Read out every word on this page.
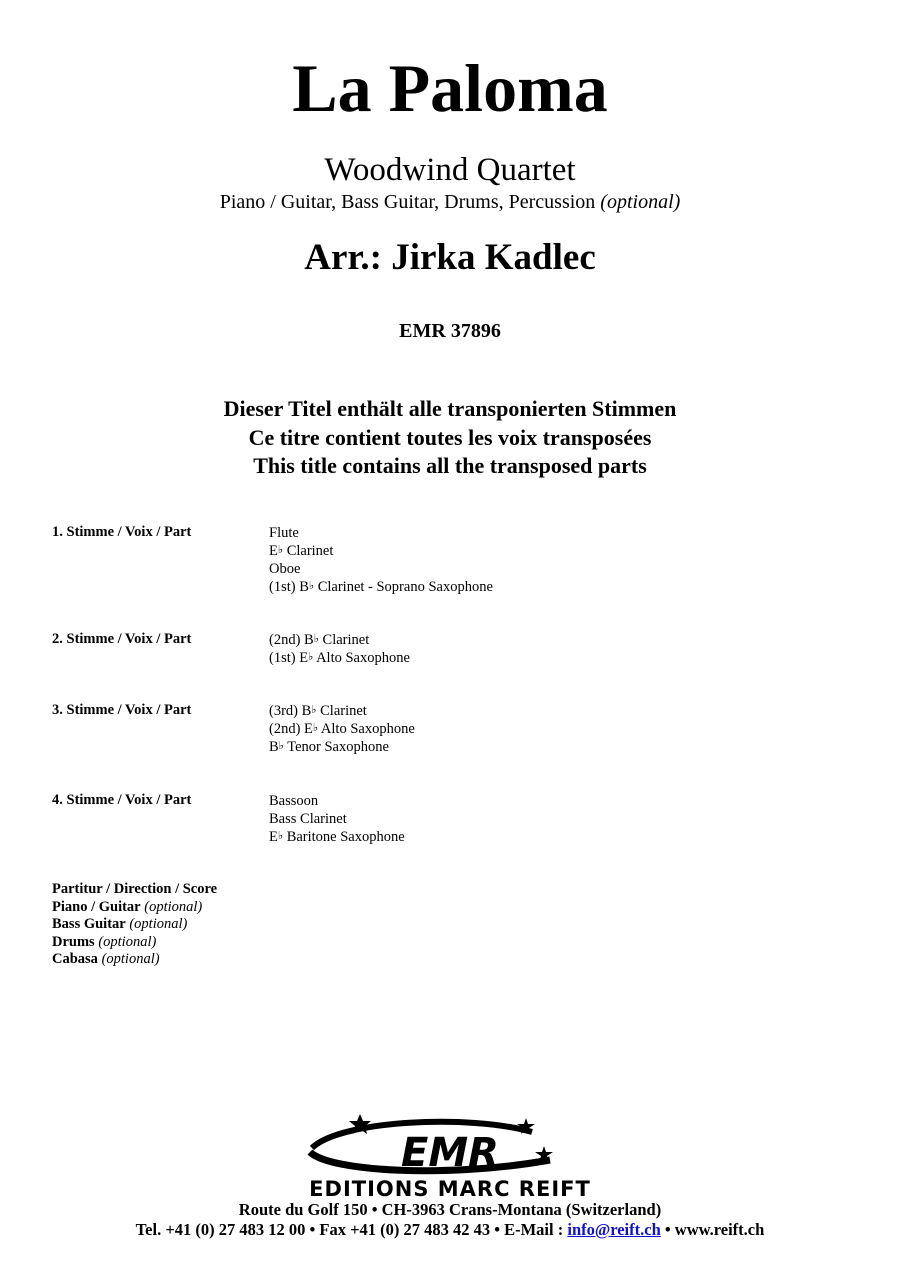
La Paloma
Woodwind Quartet
Piano / Guitar, Bass Guitar, Drums, Percussion (optional)
Arr.: Jirka Kadlec
EMR 37896
Dieser Titel enthält alle transponierten Stimmen
Ce titre contient toutes les voix transposées
This title contains all the transposed parts
1. Stimme / Voix / Part	Flute
E♭ Clarinet
Oboe
(1st) B♭ Clarinet - Soprano Saxophone
2. Stimme / Voix / Part	(2nd) B♭ Clarinet
(1st) E♭ Alto Saxophone
3. Stimme / Voix / Part	(3rd) B♭ Clarinet
(2nd) E♭ Alto Saxophone
B♭ Tenor Saxophone
4. Stimme / Voix / Part	Bassoon
Bass Clarinet
E♭ Baritone Saxophone
Partitur / Direction / Score
Piano / Guitar (optional)
Bass Guitar (optional)
Drums (optional)
Cabasa (optional)
EMR
EDITIONS MARC REIFT
Route du Golf 150 • CH-3963 Crans-Montana (Switzerland)
Tel. +41 (0) 27 483 12 00 • Fax +41 (0) 27 483 42 43 • E-Mail : info@reift.ch • www.reift.ch
